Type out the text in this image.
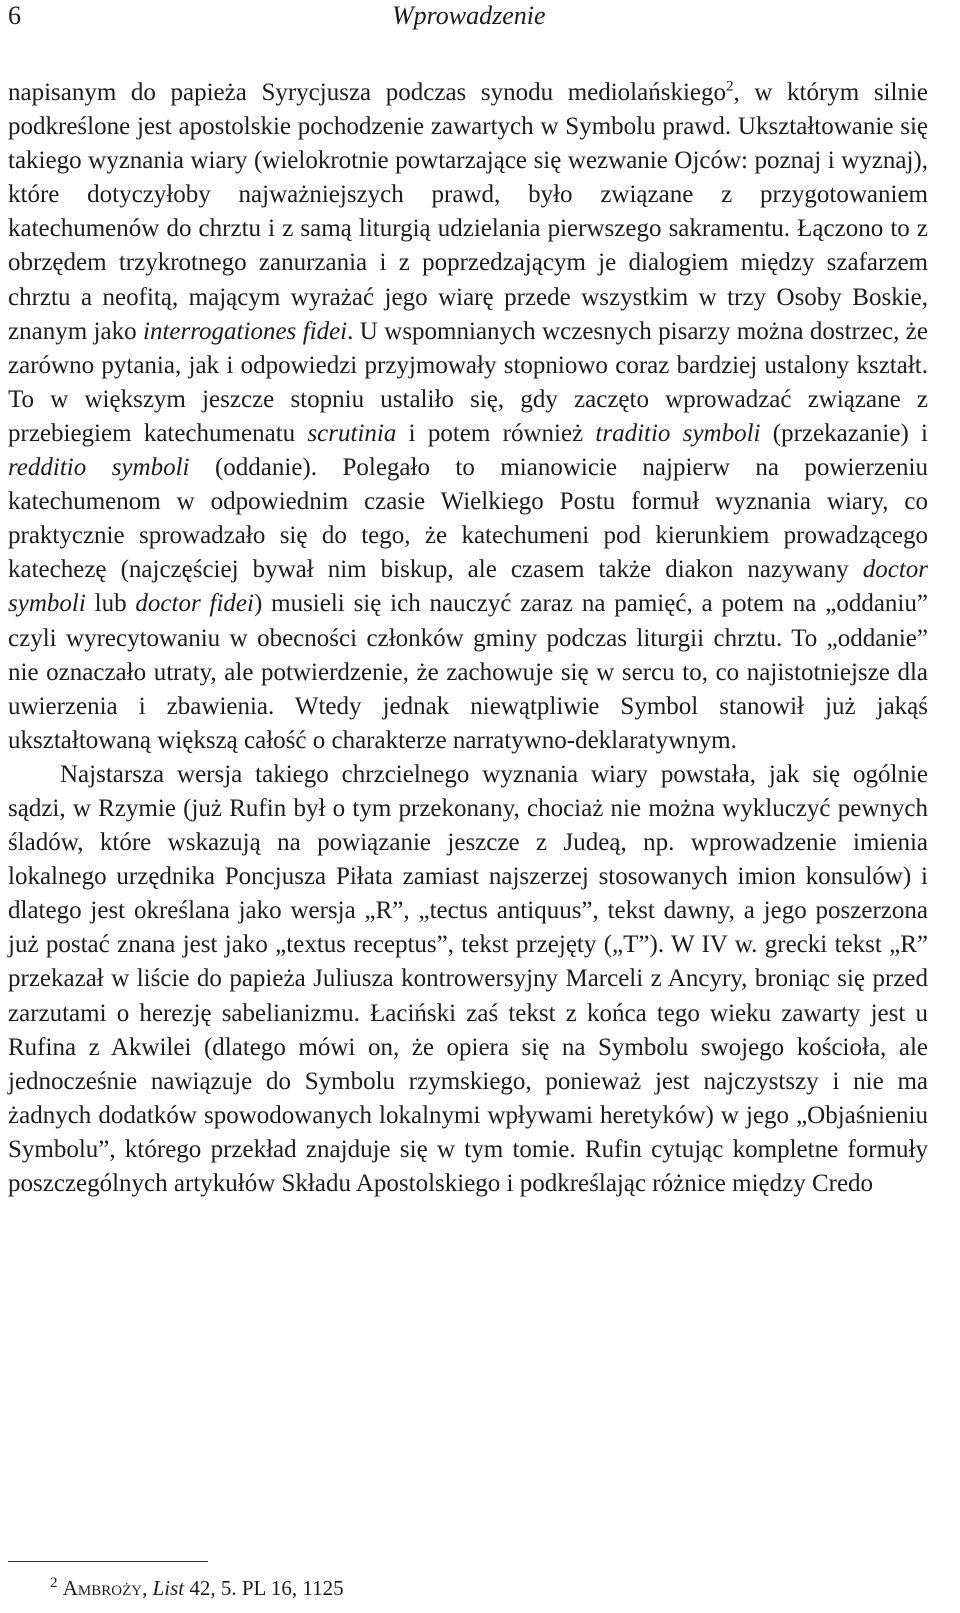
6	Wprowadzenie

napisanym do papieża Syrycjusza podczas synodu mediolańskiego$^2$, w którym silnie podkreślone jest apostolskie pochodzenie zawartych w Symbolu prawd. Ukształtowanie się takiego wyznania wiary (wielokrotnie powtarzające się wezwanie Ojców: poznaj i wyznaj), które dotyczyłoby najważniejszych prawd, było związane z przygotowaniem katechumenów do chrztu i z samą liturgią udzielania pierwszego sakramentu. Łączono to z obrzędem trzykrotnego zanurzania i z poprzedzającym je dialogiem między szafarzem chrztu a neofitą, mającym wyrażać jego wiarę przede wszystkim w trzy Osoby Boskie, znanym jako interrogationes fidei. U wspomnianych wczesnych pisarzy można dostrzec, że zarówno pytania, jak i odpowiedzi przyjmowały stopniowo coraz bardziej ustalony kształt. To w większym jeszcze stopniu ustaliło się, gdy zaczęto wprowadzać związane z przebiegiem katechumenatu scrutinia i potem również traditio symboli (przekazanie) i redditio symboli (oddanie). Polegało to mianowicie najpierw na powierzeniu katechumenom w odpowiednim czasie Wielkiego Postu formuł wyznania wiary, co praktycznie sprowadzało się do tego, że katechumeni pod kierunkiem prowadzącego katechezę (najczęściej bywał nim biskup, ale czasem także diakon nazywany doctor symboli lub doctor fidei) musieli się ich nauczyć zaraz na pamięć, a potem na „oddaniu” czyli wyrecytowaniu w obecności członków gminy podczas liturgii chrztu. To „oddanie” nie oznaczało utraty, ale potwierdzenie, że zachowuje się w sercu to, co najistotniejsze dla uwierzenia i zbawienia. Wtedy jednak niewątpliwie Symbol stanowił już jakąś ukształtowaną większą całość o charakterze narratywno-deklaratywnym.

Najstarsza wersja takiego chrzcielnego wyznania wiary powstała, jak się ogólnie sądzi, w Rzymie (już Rufin był o tym przekonany, chociaż nie można wykluczyć pewnych śladów, które wskazują na powiązanie jeszcze z Judeą, np. wprowadzenie imienia lokalnego urzędnika Poncjusza Piłata zamiast najszerzej stosowanych imion konsulów) i dlatego jest określana jako wersja „R”, „tectus antiquus”, tekst dawny, a jego poszerzona już postać znana jest jako „textus receptus”, tekst przejęty („T”). W IV w. grecki tekst „R” przekazał w liście do papieża Juliusza kontrowersyjny Marceli z Ancyry, broniąc się przed zarzutami o herezję sabelianizmu. Łaciński zaś tekst z końca tego wieku zawarty jest u Rufina z Akwilei (dlatego mówi on, że opiera się na Symbolu swojego kościoła, ale jednocześnie nawiązuje do Symbolu rzymskiego, ponieważ jest najczystszy i nie ma żadnych dodatków spowodowanych lokalnymi wpływami heretyków) w jego „Objaśnieniu Symbolu”, którego przekład znajduje się w tym tomie. Rufin cytując kompletne formuły poszczególnych artykułów Składu Apostolskiego i podkreślając różnice między Credo

$^2$ Ambroży, List 42, 5. PL 16, 1125
